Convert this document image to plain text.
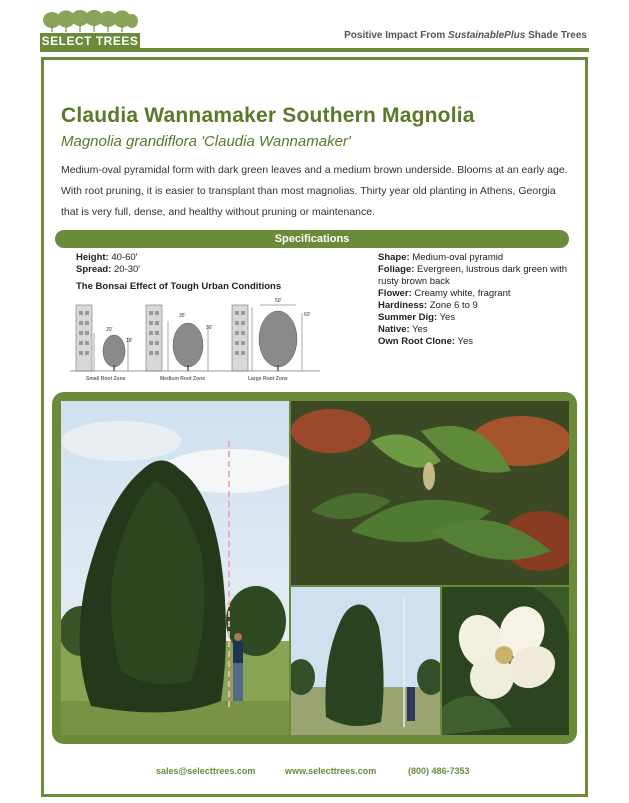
SELECT TREES	Positive Impact From SustainablePlus Shade Trees
Claudia Wannamaker Southern Magnolia
Magnolia grandiflora 'Claudia Wannamaker'

Medium-oval pyramidal form with dark green leaves and a medium brown underside. Blooms at an early age. With root pruning, it is easier to transplant than most magnolias. Thirty year old planting in Athens, Georgia that is very full, dense, and healthy without pruning or maintenance.

Specifications
Height: 40-60'
Spread: 20-30'
The Bonsai Effect of Tough Urban Conditions
20'
18'
35'
30'
50'
60'
Small Root Zone	Medium Root Zone	Large Root Zone
Shape: Medium-oval pyramid
Foliage: Evergreen, lustrous dark green with rusty brown back
Flower: Creamy white, fragrant
Hardiness: Zone 6 to 9
Summer Dig: Yes
Native: Yes
Own Root Clone: Yes
sales@selecttrees.com	www.selecttrees.com	(800) 486-7353
